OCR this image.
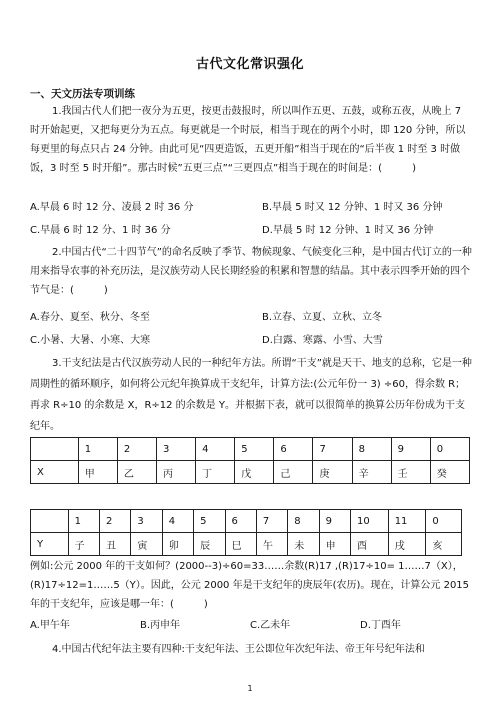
古代文化常识强化
一、天文历法专项训练

1.我国古代人们把一夜分为五更，按更击鼓报时，所以叫作五更、五鼓，或称五夜，从晚上 7 时开始起更，又把每更分为五点。每更就是一个时辰，相当于现在的两个小时，即 120 分钟，所以每更里的每点只占 24 分钟。由此可见“四更造饭，五更开船”相当于现在的“后半夜 1 时至 3 时做饭，3 时至 5 时开船”。那古时候”五更三点”“三更四点”相当于现在的时间是：(　　　)

A.早晨 6 时 12 分、凌晨 2 时 36 分	B.早晨 5 时又 12 分钟、1 时又 36 分钟
C.早晨 6 时 12 分、1 时 36 分	D.早晨 5 时 12 分钟、1 时又 36 分钟

2.中国古代“二十四节气”的命名反映了季节、物候现象、气候变化三种，是中国古代订立的一种用来指导农事的补充历法，是汉族劳动人民长期经验的积累和智慧的结晶。其中表示四季开始的四个节气是：(　　　)

A.春分、夏至、秋分、冬至	B.立春、立夏、立秋、立冬
C.小暑、大暑、小寒、大寒	D.白露、寒露、小雪、大雪

3.干支纪法是古代汉族劳动人民的一种纪年方法。所谓“干支”就是天干、地支的总称，它是一种周期性的循环顺序，如何将公元纪年换算成干支纪年，计算方法:(公元年份一 3) ÷60，得余数 R；再求 R÷10 的余数是 X，R÷12 的余数是 Y。并根据下表，就可以很简单的换算公历年份成为干支纪年。

	1	2	3	4	5	6	7	8	9	0
X	甲	乙	丙	丁	戊	己	庚	辛	壬	癸
	1	2	3	4	5	6	7	8	9	10	11	0
Y	子	丑	寅	卯	辰	巳	午	未	申	酉	戌	亥

例如:公元 2000 年的干支如何？(2000--3)÷60=33……余数(R)17 ,(R)17÷10= 1……7（X），(R)17÷12=1……5（Y）。因此，公元 2000 年是干支纪年的庚辰年(农历)。现在，计算公元 2015 年的干支纪年，应该是哪一年：(　　　)

A.甲午年	B.丙申年	C.乙未年	D.丁酉年

4.中国古代纪年法主要有四种:干支纪年法、王公即位年次纪年法、帝王年号纪年法和

1
